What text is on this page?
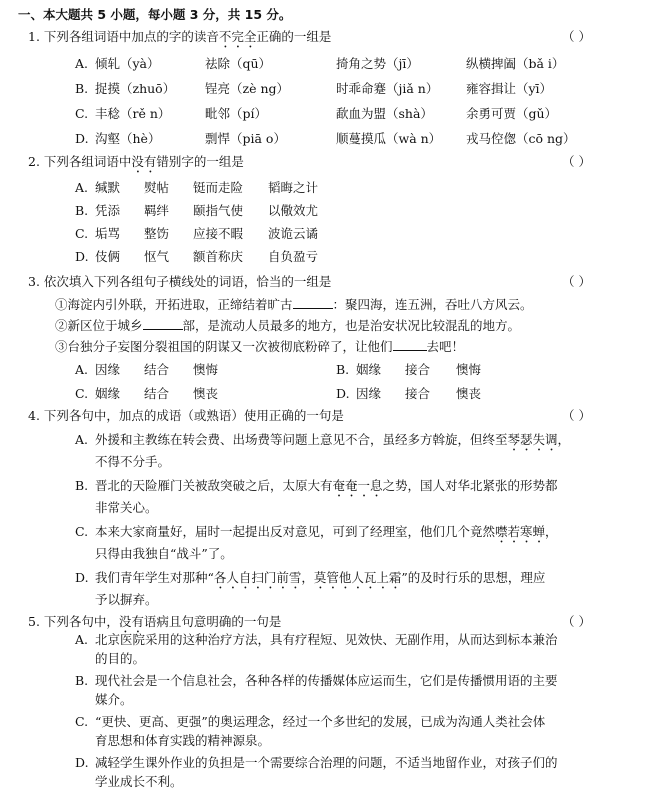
一、本大题共 5 小题，每小题 3 分，共 15 分。
1. 下列各组词语中加点的字的读音不完全正确的一组是	（ ）
A. 倾轧（yà）	祛除（qū）	掎角之势（jī）	纵横捭阖（bǎ i）
B. 捉摸（zhuō） 锃亮（zè ng）	时乖命蹇（jiǎ n） 雍容揖让（yī）
C. 丰稔（rě n）	毗邻（pí）	歃血为盟（shà）	余勇可贾（gǔ）
D. 沟壑（hè）	剽悍（piā o）	顺蔓摸瓜（wà n） 戎马倥偬（cō ng）
2. 下列各组词语中没有错别字的一组是	（ ）
A. 缄默 熨帖 铤而走险 韬晦之计
B. 凭添 羁绊 颐指气使 以儆效尤
C. 垢骂 整饬 应接不暇 波诡云谲
D. 伎俩 怄气 额首称庆 自负盈亏
3. 依次填入下列各组句子横线处的词语，恰当的一组是	（ ）
①海淀内引外联，开拓进取，正缔结着旷古	：聚四海，连五洲，吞吐八方风云。
②新区位于城乡	部，是流动人员最多的地方，也是治安状况比较混乱的地方。
③台独分子妄图分裂祖国的阴谋又一次被彻底粉碎了，让他们	去吧！
A. 因缘 结合 懊悔	B. 姻缘 接合 懊悔
C. 姻缘 结合 懊丧	D. 因缘 接合 懊丧
4. 下列各句中，加点的成语（或熟语）使用正确的一句是	（ ）
A. 外援和主教练在转会费、出场费等问题上意见不合，虽经多方斡旋，但终至琴瑟失调，
不得不分手。
B. 晋北的天险雁门关被敌突破之后，太原大有奄奄一息之势，国人对华北紧张的形势都
非常关心。
C. 本来大家商量好，届时一起提出反对意见，可到了经理室，他们几个竟然噤若寒蝉，
只得由我独自“战斗”了。
D. 我们青年学生对那种“各人自扫门前雪，莫管他人瓦上霜”的及时行乐的思想，理应
予以摒弃。
5. 下列各句中，没有语病且句意明确的一句是	（ ）
A. 北京医院采用的这种治疗方法，具有疗程短、见效快、无副作用，从而达到标本兼治
的目的。
B. 现代社会是一个信息社会，各种各样的传播媒体应运而生，它们是传播惯用语的主要
媒介。
C. “更快、更高、更强”的奥运理念，经过一个多世纪的发展，已成为沟通人类社会体
育思想和体育实践的精神源泉。
D. 减轻学生课外作业的负担是一个需要综合治理的问题，不适当地留作业，对孩子们的
学业成长不利。
